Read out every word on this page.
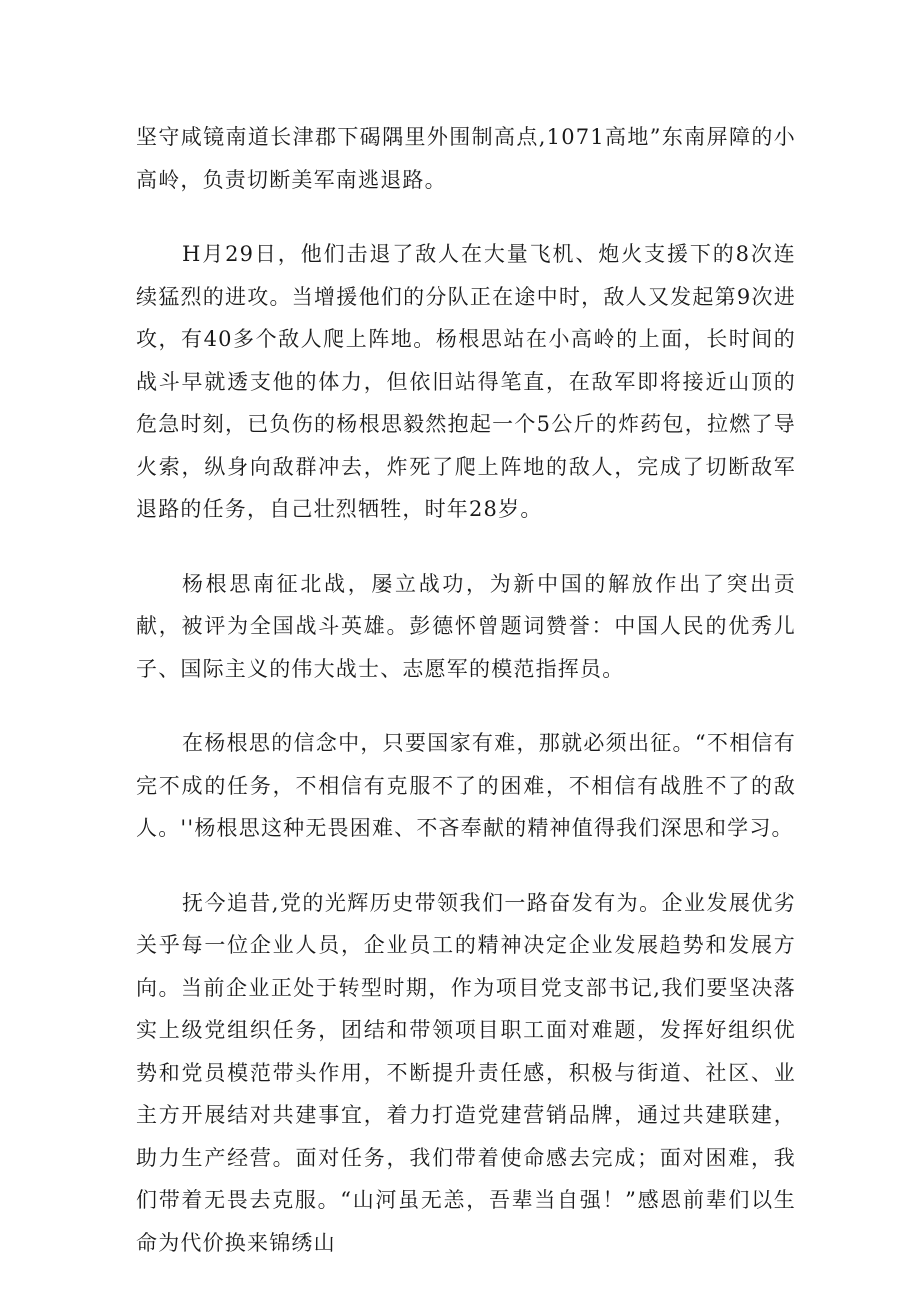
坚守咸镜南道长津郡下碣隅里外围制高点,1071高地”东南屏障的小高岭，负责切断美军南逃退路。

H月29日，他们击退了敌人在大量飞机、炮火支援下的8次连续猛烈的进攻。当增援他们的分队正在途中时，敌人又发起第9次进攻，有40多个敌人爬上阵地。杨根思站在小高岭的上面，长时间的战斗早就透支他的体力，但依旧站得笔直，在敌军即将接近山顶的危急时刻，已负伤的杨根思毅然抱起一个5公斤的炸药包，拉燃了导火索，纵身向敌群冲去，炸死了爬上阵地的敌人，完成了切断敌军退路的任务，自己壮烈牺牲，时年28岁。

杨根思南征北战，屡立战功，为新中国的解放作出了突出贡献，被评为全国战斗英雄。彭德怀曾题词赞誉：中国人民的优秀儿子、国际主义的伟大战士、志愿军的模范指挥员。

在杨根思的信念中，只要国家有难，那就必须出征。“不相信有完不成的任务，不相信有克服不了的困难，不相信有战胜不了的敌人。''杨根思这种无畏困难、不吝奉献的精神值得我们深思和学习。

抚今追昔,党的光辉历史带领我们一路奋发有为。企业发展优劣关乎每一位企业人员，企业员工的精神决定企业发展趋势和发展方向。当前企业正处于转型时期，作为项目党支部书记,我们要坚决落实上级党组织任务，团结和带领项目职工面对难题，发挥好组织优势和党员模范带头作用，不断提升责任感，积极与街道、社区、业主方开展结对共建事宜，着力打造党建营销品牌，通过共建联建，助力生产经营。面对任务，我们带着使命感去完成；面对困难，我们带着无畏去克服。“山河虽无恙，吾辈当自强！”感恩前辈们以生命为代价换来锦绣山
